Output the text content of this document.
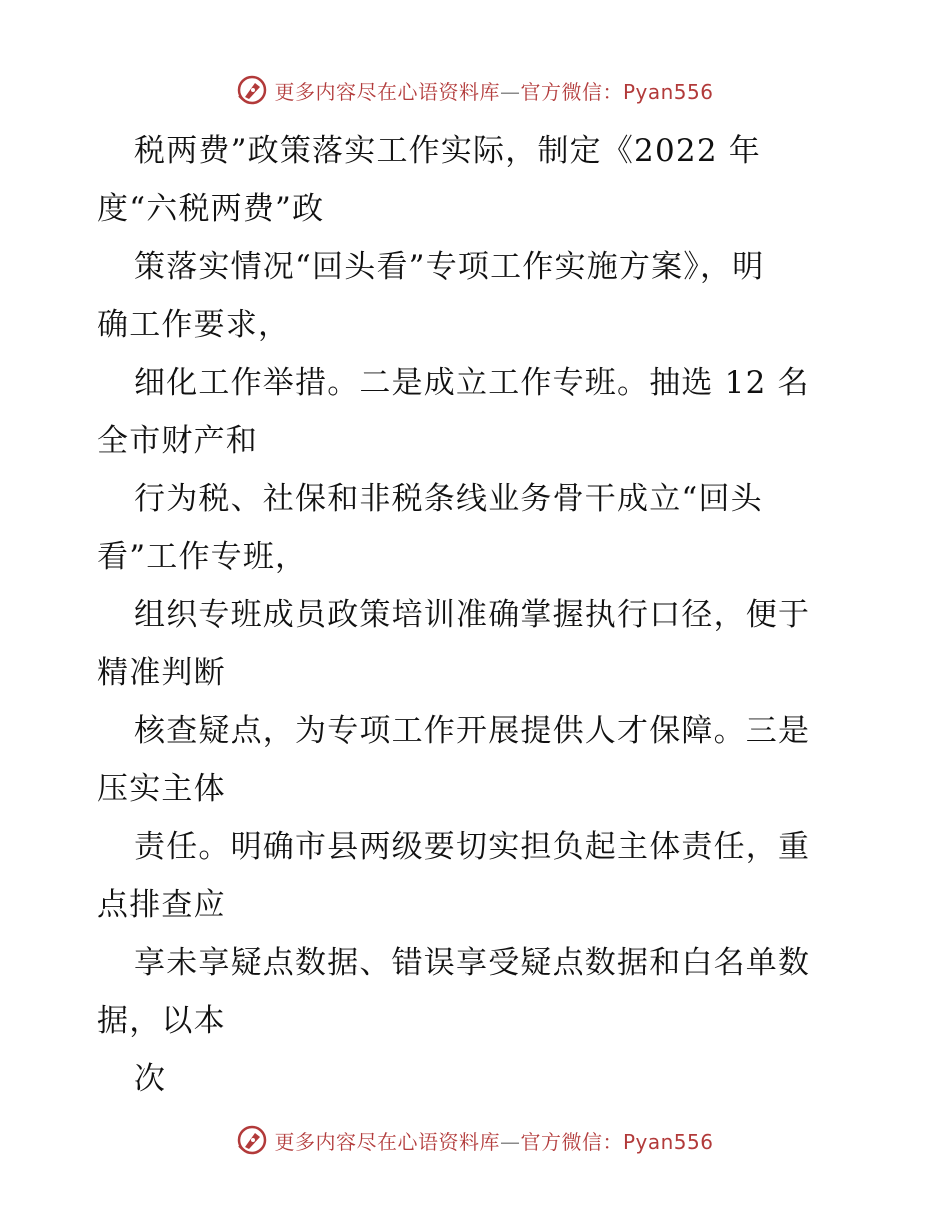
更多内容尽在心语资料库—官方微信：Pyan556
税两费”政策落实工作实际，制定《2022 年
度“六税两费”政
策落实情况“回头看”专项工作实施方案》，明
确工作要求，
细化工作举措。二是成立工作专班。抽选 12 名
全市财产和
行为税、社保和非税条线业务骨干成立“回头
看”工作专班，
组织专班成员政策培训准确掌握执行口径，便于
精准判断
核查疑点，为专项工作开展提供人才保障。三是
压实主体
责任。明确市县两级要切实担负起主体责任，重
点排查应
享未享疑点数据、错误享受疑点数据和白名单数
据，以本
次
更多内容尽在心语资料库—官方微信：Pyan556
